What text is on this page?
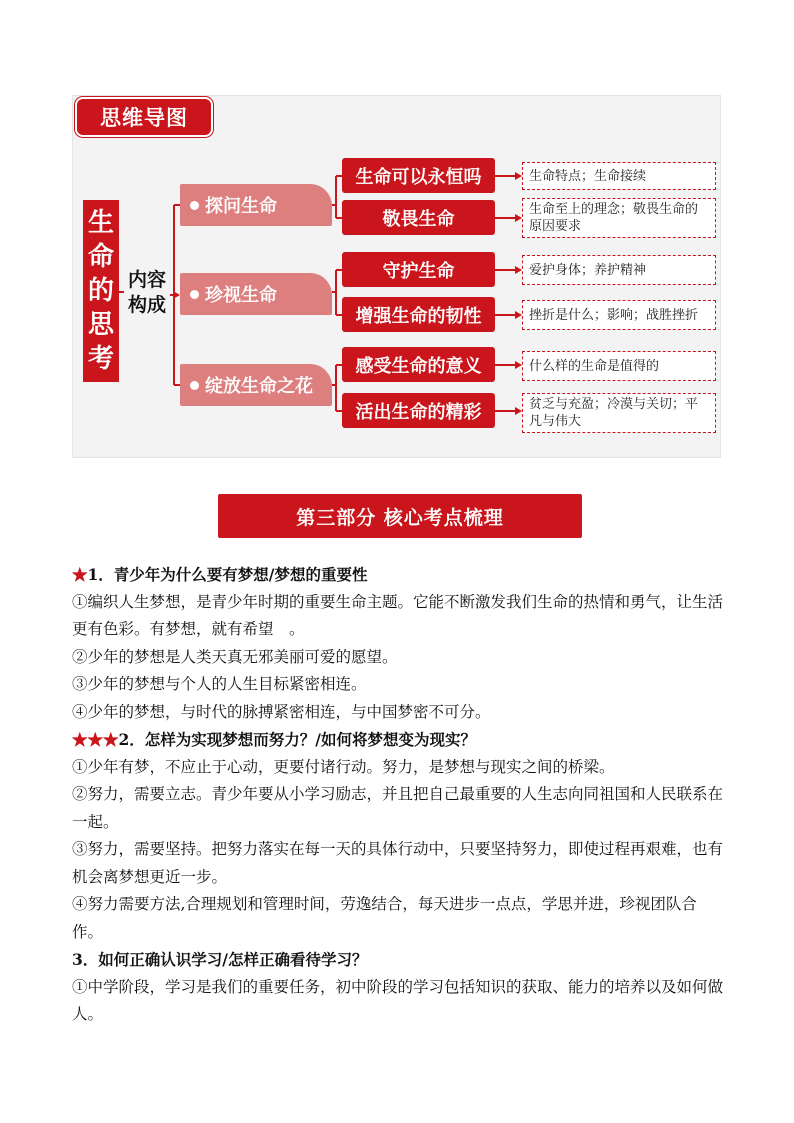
思维导图
生
命
的
思
考
内容
构成
探问生命
珍视生命
绽放生命之花
生命可以永恒吗
敬畏生命
守护生命
增强生命的韧性
感受生命的意义
活出生命的精彩
生命特点；生命接续
生命至上的理念；敬畏生命的原因要求
爱护身体；养护精神
挫折是什么；影响；战胜挫折
什么样的生命是值得的
贫乏与充盈；冷漠与关切；平凡与伟大
第三部分 核心考点梳理

★1．青少年为什么要有梦想/梦想的重要性

①编织人生梦想，是青少年时期的重要生命主题。它能不断激发我们生命的热情和勇气，让生活更有色彩。有梦想，就有希望　。

②少年的梦想是人类天真无邪美丽可爱的愿望。

③少年的梦想与个人的人生目标紧密相连。

④少年的梦想，与时代的脉搏紧密相连，与中国梦密不可分。

★★★2．怎样为实现梦想而努力？/如何将梦想变为现实？

①少年有梦，不应止于心动，更要付诸行动。努力，是梦想与现实之间的桥梁。

②努力，需要立志。青少年要从小学习励志，并且把自己最重要的人生志向同祖国和人民联系在一起。

③努力，需要坚持。把努力落实在每一天的具体行动中，只要坚持努力，即使过程再艰难，也有机会离梦想更近一步。

④努力需要方法,合理规划和管理时间，劳逸结合，每天进步一点点，学思并进，珍视团队合作。

3．如何正确认识学习/怎样正确看待学习？

①中学阶段，学习是我们的重要任务，初中阶段的学习包括知识的获取、能力的培养以及如何做人。
